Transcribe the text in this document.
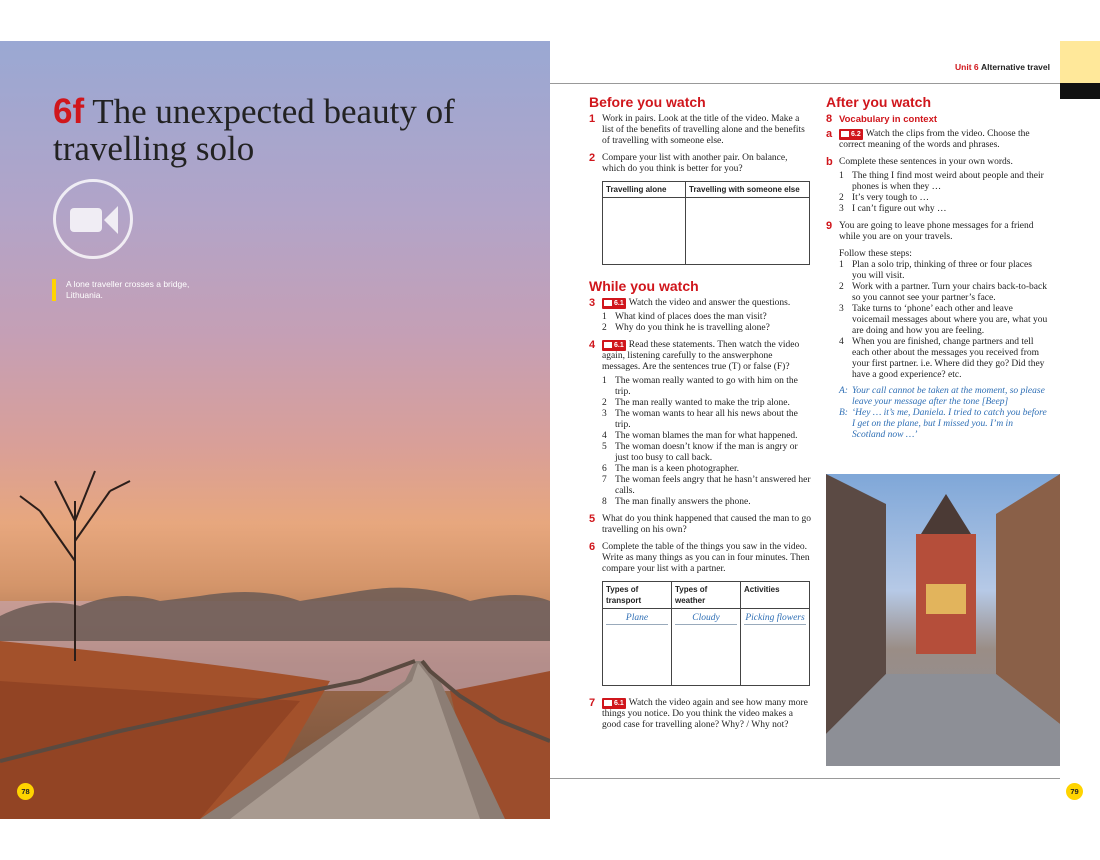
6f The unexpected beauty of travelling solo
A lone traveller crosses a bridge, Lithuania.
78	79
Unit 6 Alternative travel
Before you watch
1 Work in pairs. Look at the title of the video. Make a list of the benefits of travelling alone and the benefits of travelling with someone else.
2 Compare your list with another pair. On balance, which do you think is better for you?
Travelling alone	Travelling with someone else

While you watch
3	6.1 Watch the video and answer the questions.
1 What kind of places does the man visit?
2 Why do you think he is travelling alone?
4	6.1 Read these statements. Then watch the video again, listening carefully to the answerphone messages. Are the sentences true (T) or false (F)?
1 The woman really wanted to go with him on the trip.
2 The man really wanted to make the trip alone.
3 The woman wants to hear all his news about the trip.
4 The woman blames the man for what happened.
5 The woman doesn’t know if the man is angry or just too busy to call back.
6 The man is a keen photographer.
7 The woman feels angry that he hasn’t answered her calls.
8 The man finally answers the phone.
5 What do you think happened that caused the man to go travelling on his own?
6 Complete the table of the things you saw in the video. Write as many things as you can in four minutes. Then compare your list with a partner.
Types of transport	Types of weather	Activities

Plane	Cloudy	Picking flowers
7	6.1 Watch the video again and see how many more things you notice. Do you think the video makes a good case for travelling alone? Why? / Why not?
After you watch
8 Vocabulary in context
a	6.2 Watch the clips from the video. Choose the correct meaning of the words and phrases.
b Complete these sentences in your own words.
1 The thing I find most weird about people and their phones is when they …
2 It’s very tough to …
3 I can’t figure out why …
9 You are going to leave phone messages for a friend while you are on your travels.
Follow these steps:
1 Plan a solo trip, thinking of three or four places you will visit.
2 Work with a partner. Turn your chairs back-to-back so you cannot see your partner’s face.
3 Take turns to ‘phone’ each other and leave voicemail messages about where you are, what you are doing and how you are feeling.
4 When you are finished, change partners and tell each other about the messages you received from your first partner. i.e. Where did they go? Did they have a good experience? etc.
A: Your call cannot be taken at the moment, so please leave your message after the tone [Beep]
B: ‘Hey … it’s me, Daniela. I tried to catch you before I get on the plane, but I missed you. I’m in Scotland now …’
